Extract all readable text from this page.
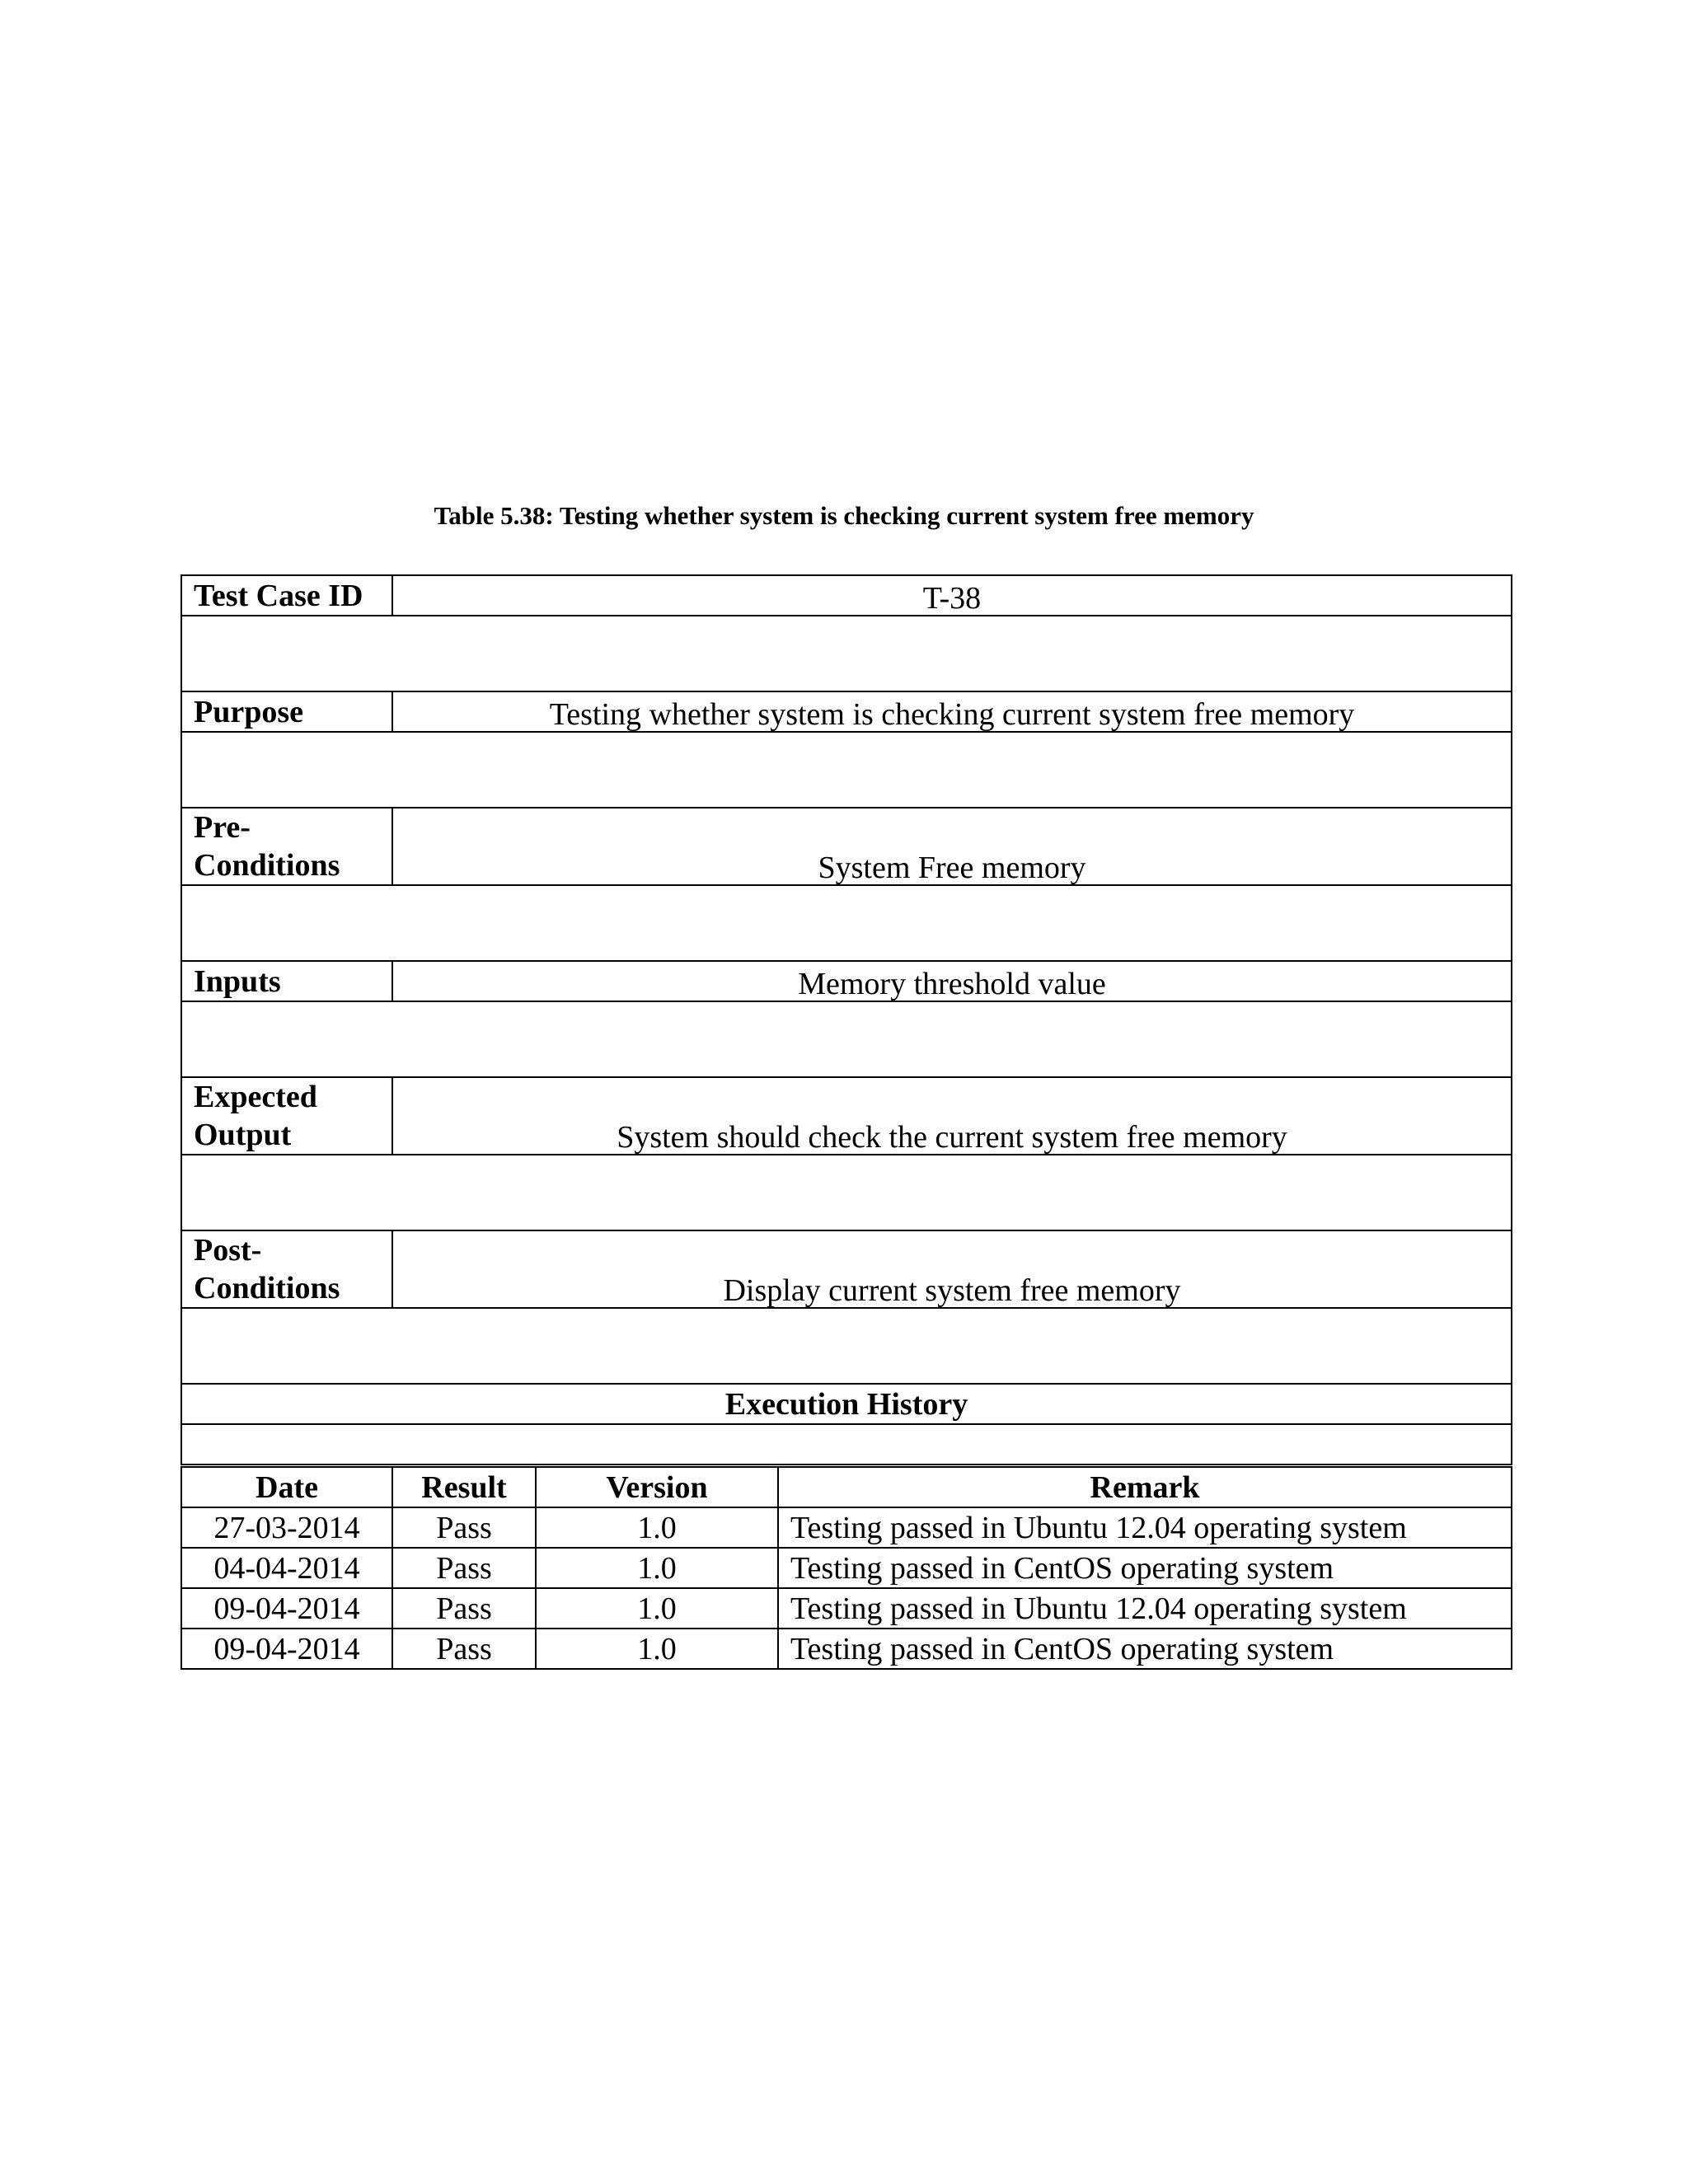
Table 5.38: Testing whether system is checking current system free memory
Test Case ID	T-38

Purpose	Testing whether system is checking current system free memory

Pre-
Conditions	System Free memory

Inputs	Memory threshold value

Expected
Output	System should check the current system free memory

Post-
Conditions	Display current system free memory

Execution History	

Date	Result	Version	Remark
27-03-2014	Pass	1.0	Testing passed in Ubuntu 12.04 operating system
04-04-2014	Pass	1.0	Testing passed in CentOS operating system
09-04-2014	Pass	1.0	Testing passed in Ubuntu 12.04 operating system
09-04-2014	Pass	1.0	Testing passed in CentOS operating system
